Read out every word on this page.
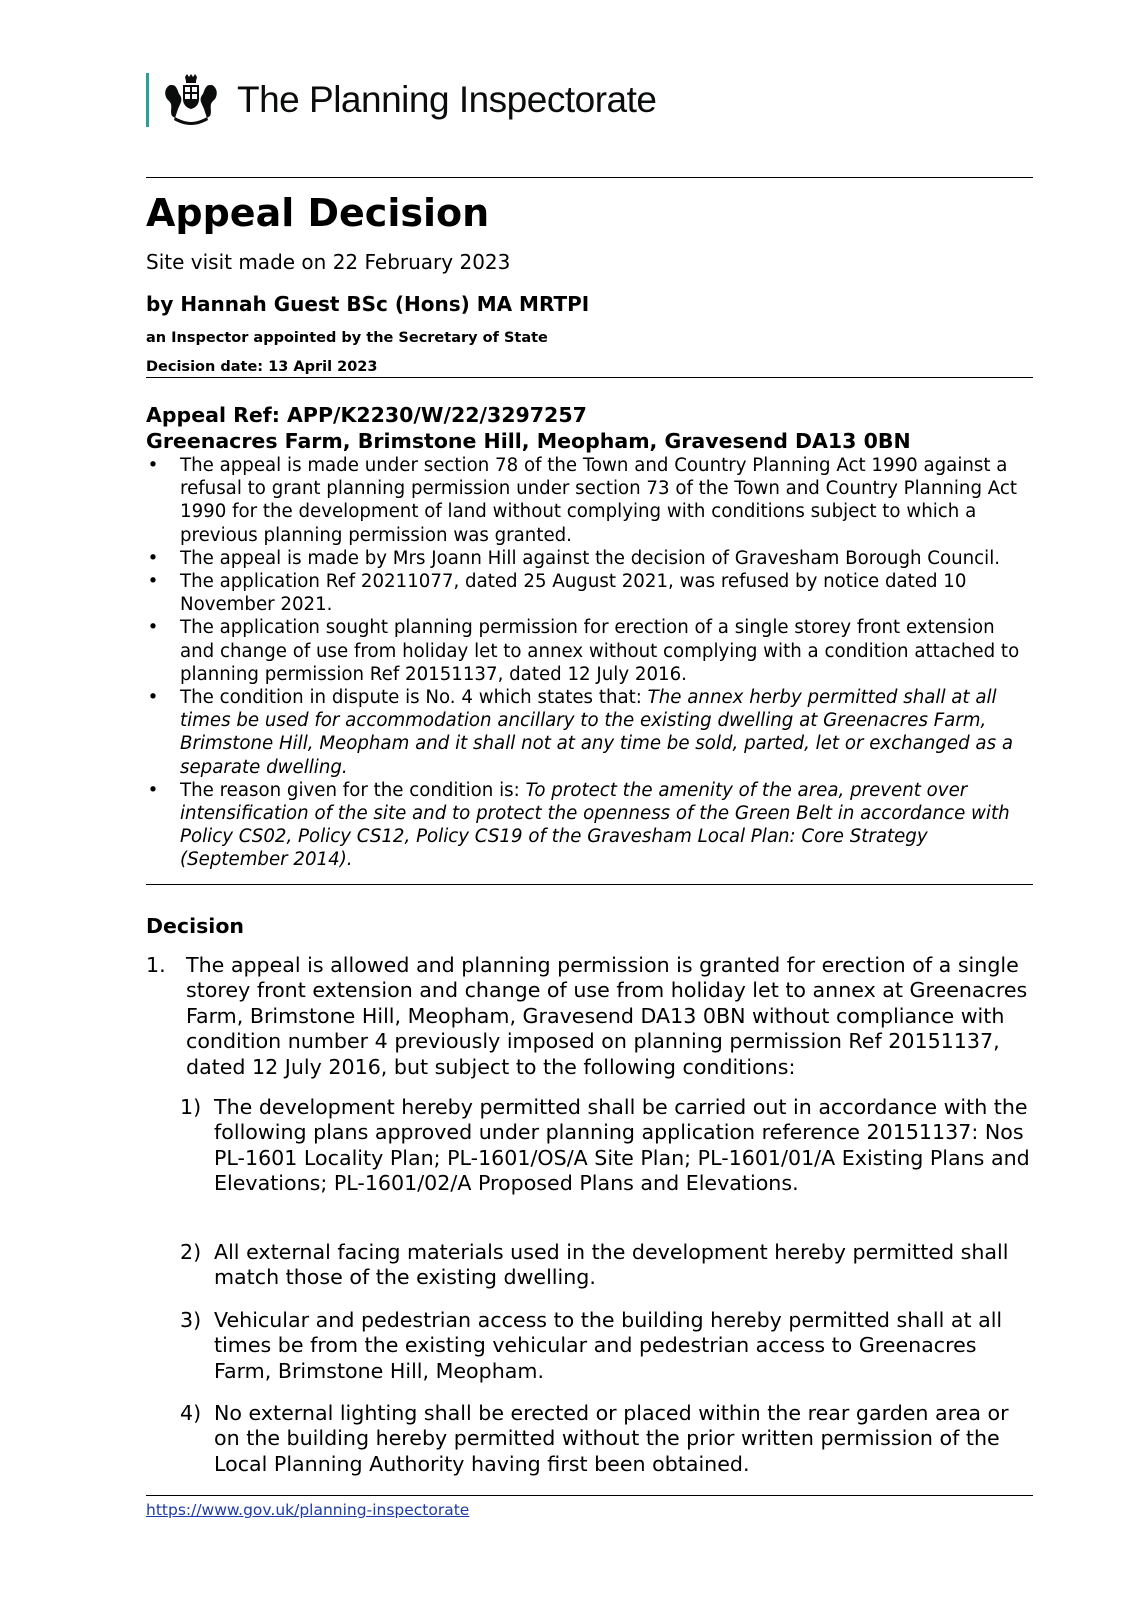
The Planning Inspectorate
Appeal Decision
Site visit made on 22 February 2023
by Hannah Guest BSc (Hons) MA MRTPI
an Inspector appointed by the Secretary of State
Decision date: 13 April 2023
Appeal Ref: APP/K2230/W/22/3297257
Greenacres Farm, Brimstone Hill, Meopham, Gravesend DA13 0BN
• The appeal is made under section 78 of the Town and Country Planning Act 1990 against a refusal to grant planning permission under section 73 of the Town and Country Planning Act 1990 for the development of land without complying with conditions subject to which a previous planning permission was granted.
• The appeal is made by Mrs Joann Hill against the decision of Gravesham Borough Council.
• The application Ref 20211077, dated 25 August 2021, was refused by notice dated 10 November 2021.
• The application sought planning permission for erection of a single storey front extension and change of use from holiday let to annex without complying with a condition attached to planning permission Ref 20151137, dated 12 July 2016.
• The condition in dispute is No. 4 which states that: The annex herby permitted shall at all times be used for accommodation ancillary to the existing dwelling at Greenacres Farm, Brimstone Hill, Meopham and it shall not at any time be sold, parted, let or exchanged as a separate dwelling.
• The reason given for the condition is: To protect the amenity of the area, prevent over intensification of the site and to protect the openness of the Green Belt in accordance with Policy CS02, Policy CS12, Policy CS19 of the Gravesham Local Plan: Core Strategy (September 2014).
Decision
1. The appeal is allowed and planning permission is granted for erection of a single storey front extension and change of use from holiday let to annex at Greenacres Farm, Brimstone Hill, Meopham, Gravesend DA13 0BN without compliance with condition number 4 previously imposed on planning permission Ref 20151137, dated 12 July 2016, but subject to the following conditions:
1) The development hereby permitted shall be carried out in accordance with the following plans approved under planning application reference 20151137: Nos PL-1601 Locality Plan; PL-1601/OS/A Site Plan; PL-1601/01/A Existing Plans and Elevations; PL-1601/02/A Proposed Plans and Elevations.
2) All external facing materials used in the development hereby permitted shall match those of the existing dwelling.
3) Vehicular and pedestrian access to the building hereby permitted shall at all times be from the existing vehicular and pedestrian access to Greenacres Farm, Brimstone Hill, Meopham.
4) No external lighting shall be erected or placed within the rear garden area or on the building hereby permitted without the prior written permission of the Local Planning Authority having first been obtained.
https://www.gov.uk/planning-inspectorate
